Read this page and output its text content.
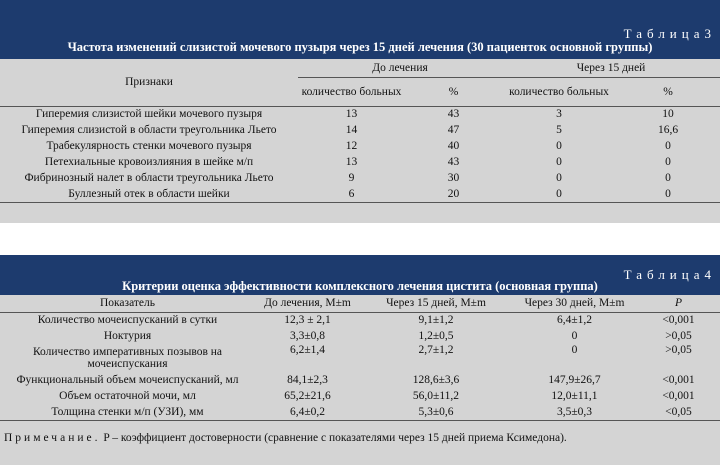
Таблица3
Частота изменений слизистой мочевого пузыря через 15 дней лечения (30 пациенток основной группы)
Признаки	До лечения		Через 15 дней	
	количество больных	%	количество больных	%
Гиперемия слизистой шейки мочевого пузыря	13	43	3	10
Гиперемия слизистой в области треугольника Льето	14	47	5	16,6
Трабекулярность стенки мочевого пузыря	12	40	0	0
Петехиальные кровоизлияния в шейке м/п	13	43	0	0
Фибринозный налет в области треугольника Льето	9	30	0	0
Буллезный отек в области шейки	6	20	0	0
Таблица4
Критерии оценка эффективности комплексного лечения цистита (основная группа)
Показатель	До лечения, M±m	Через 15 дней, M±m	Через 30 дней, M±m	P
Количество мочеиспусканий в сутки	12,3 ± 2,1	9,1±1,2	6,4±1,2	<0,001
Ноктурия	3,3±0,8	1,2±0,5	0	>0,05
Количество императивных позывов на мочеиспускания	6,2±1,4	2,7±1,2	0	>0,05
Функциональный объем мочеиспусканий, мл	84,1±2,3	128,6±3,6	147,9±26,7	<0,001
Объем остаточной мочи, мл	65,2±21,6	56,0±11,2	12,0±11,1	<0,001
Толщина стенки м/п (УЗИ), мм	6,4±0,2	5,3±0,6	3,5±0,3	<0,05
Примечание. P – коэффициент достоверности (сравнение с показателями через 15 дней приема Ксимедона).
